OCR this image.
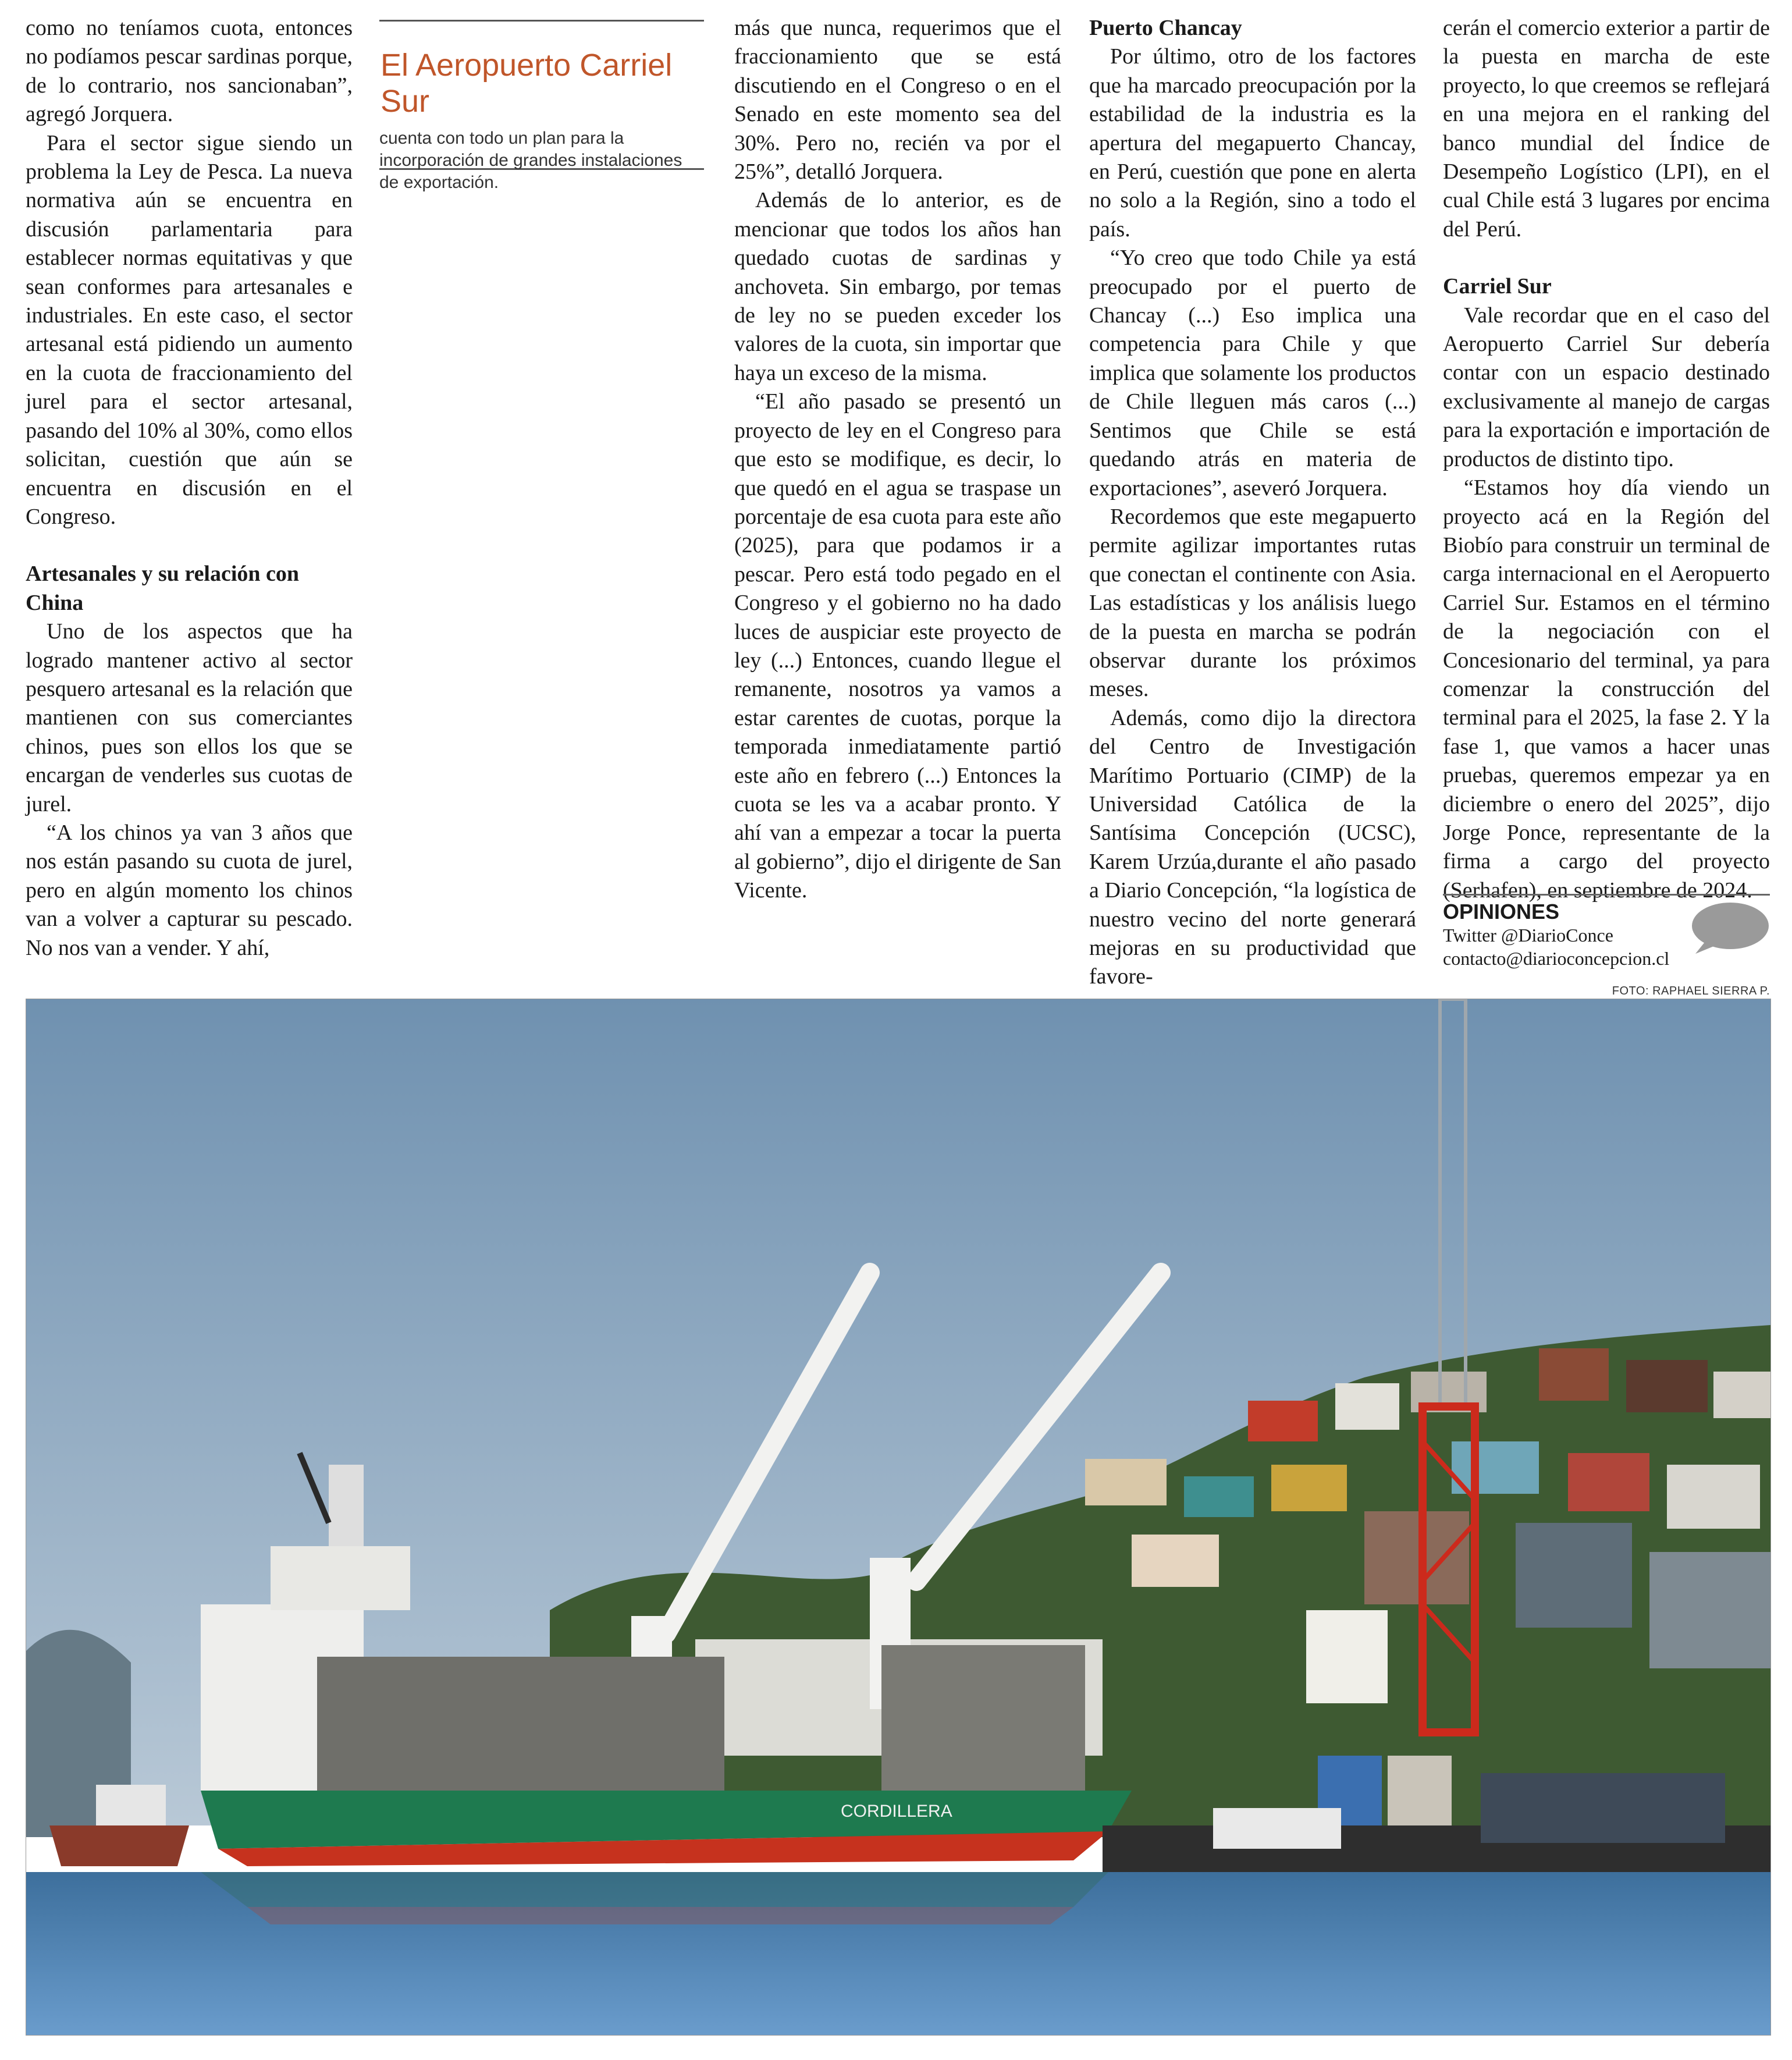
como no teníamos cuota, entonces no podíamos pescar sardinas porque, de lo contrario, nos sancionaban”, agregó Jorquera.

Para el sector sigue siendo un problema la Ley de Pesca. La nueva normativa aún se encuentra en discusión parlamentaria para establecer normas equitativas y que sean conformes para artesanales e industriales. En este caso, el sector artesanal está pidiendo un aumento en la cuota de fraccionamiento del jurel para el sector artesanal, pasando del 10% al 30%, como ellos solicitan, cuestión que aún se encuentra en discusión en el Congreso.

Artesanales y su relación con China

Uno de los aspectos que ha logrado mantener activo al sector pesquero artesanal es la relación que mantienen con sus comerciantes chinos, pues son ellos los que se encargan de venderles sus cuotas de jurel.

“A los chinos ya van 3 años que nos están pasando su cuota de jurel, pero en algún momento los chinos van a volver a capturar su pescado. No nos van a vender. Y ahí,

El Aeropuerto Carriel Sur
cuenta con todo un plan para la incorporación de grandes instalaciones de exportación.

más que nunca, requerimos que el fraccionamiento que se está discutiendo en el Congreso o en el Senado en este momento sea del 30%. Pero no, recién va por el 25%”, detalló Jorquera.

Además de lo anterior, es de mencionar que todos los años han quedado cuotas de sardinas y anchoveta. Sin embargo, por temas de ley no se pueden exceder los valores de la cuota, sin importar que haya un exceso de la misma.

“El año pasado se presentó un proyecto de ley en el Congreso para que esto se modifique, es decir, lo que quedó en el agua se traspase un porcentaje de esa cuota para este año (2025), para que podamos ir a pescar. Pero está todo pegado en el Congreso y el gobierno no ha dado luces de auspiciar este proyecto de ley (...) Entonces, cuando llegue el remanente, nosotros ya vamos a estar carentes de cuotas, porque la temporada inmediatamente partió este año en febrero (...) Entonces la cuota se les va a acabar pronto. Y ahí van a empezar a tocar la puerta al gobierno”, dijo el dirigente de San Vicente.

Puerto Chancay

Por último, otro de los factores que ha marcado preocupación por la estabilidad de la industria es la apertura del megapuerto Chancay, en Perú, cuestión que pone en alerta no solo a la Región, sino a todo el país.

“Yo creo que todo Chile ya está preocupado por el puerto de Chancay (...) Eso implica una competencia para Chile y que implica que solamente los productos de Chile lleguen más caros (...) Sentimos que Chile se está quedando atrás en materia de exportaciones”, aseveró Jorquera.

Recordemos que este megapuerto permite agilizar importantes rutas que conectan el continente con Asia. Las estadísticas y los análisis luego de la puesta en marcha se podrán observar durante los próximos meses.

Además, como dijo la directora del Centro de Investigación Marítimo Portuario (CIMP) de la Universidad Católica de la Santísima Concepción (UCSC), Karem Urzúa,durante el año pasado a Diario Concepción, “la logística de nuestro vecino del norte generará mejoras en su productividad que favore-

cerán el comercio exterior a partir de la puesta en marcha de este proyecto, lo que creemos se reflejará en una mejora en el ranking del banco mundial del Índice de Desempeño Logístico (LPI), en el cual Chile está 3 lugares por encima del Perú.

Carriel Sur

Vale recordar que en el caso del Aeropuerto Carriel Sur debería contar con un espacio destinado exclusivamente al manejo de cargas para la exportación e importación de productos de distinto tipo.

“Estamos hoy día viendo un proyecto acá en la Región del Biobío para construir un terminal de carga internacional en el Aeropuerto Carriel Sur. Estamos en el término de la negociación con el Concesionario del terminal, ya para comenzar la construcción del terminal para el 2025, la fase 2. Y la fase 1, que vamos a hacer unas pruebas, queremos empezar ya en diciembre o enero del 2025”, dijo Jorge Ponce, representante de la firma a cargo del proyecto (Serhafen), en septiembre de 2024.

OPINIONES
Twitter @DiarioConce
contacto@diarioconcepcion.cl
FOTO: RAPHAEL SIERRA P.
CORDILLERA
